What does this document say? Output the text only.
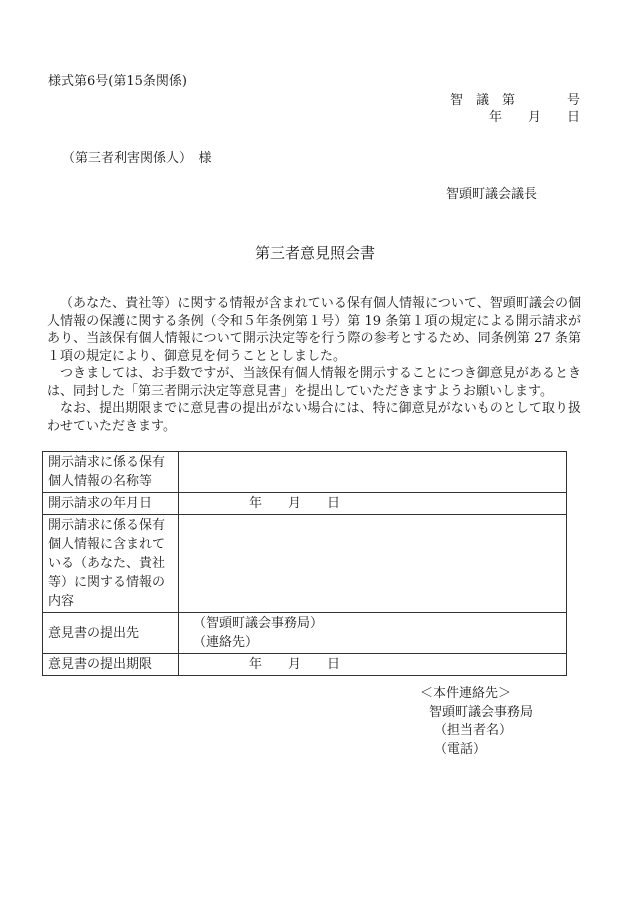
様式第6号(第15条関係)
智　議　第　　　　号
年　　月　　日
（第三者利害関係人）　様
智頭町議会議長
第三者意見照会書

（あなた、貴社等）に関する情報が含まれている保有個人情報について、智頭町議会の個人情報の保護に関する条例（令和５年条例第１号）第 19 条第１項の規定による開示請求があり、当該保有個人情報について開示決定等を行う際の参考とするため、同条例第 27 条第１項の規定により、御意見を伺うこととしました。

つきましては、お手数ですが、当該保有個人情報を開示することにつき御意見があるときは、同封した「第三者開示決定等意見書」を提出していただきますようお願いします。

なお、提出期限までに意見書の提出がない場合には、特に御意見がないものとして取り扱わせていただきます。

開示請求に係る保有
個人情報の名称等	

開示請求の年月日	年　　月　　日

開示請求に係る保有
個人情報に含まれて
いる（あなた、貴社
等）に関する情報の
内容	

意見書の提出先	（智頭町議会事務局）
（連絡先）

意見書の提出期限	年　　月　　日
＜本件連絡先＞
智頭町議会事務局
（担当者名）
（電話）
